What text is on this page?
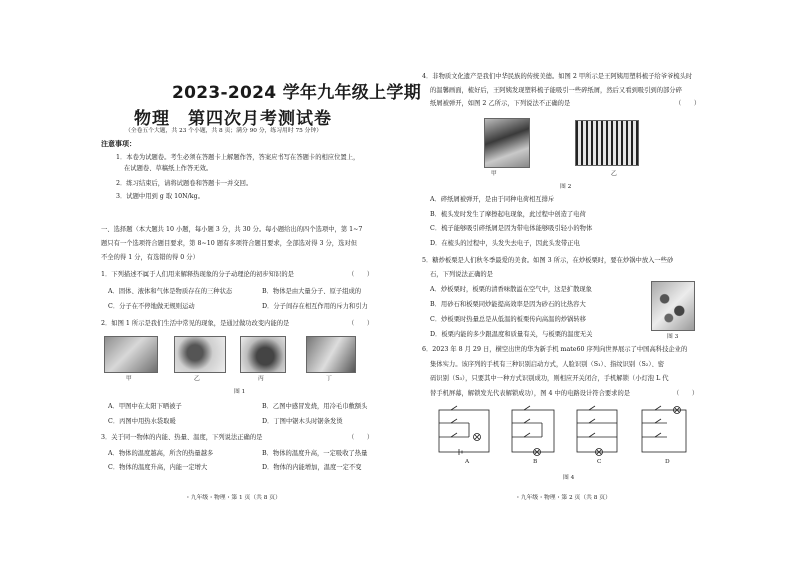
2023-2024 学年九年级上学期
物理　第四次月考测试卷
（全卷五个大题，共 23 个小题，共 8 页；满分 90 分，练习用时 75 分钟）
注意事项：
1．本卷为试题卷。考生必须在答题卡上解题作答，答案应书写在答题卡的相应位置上，
在试题卷、草稿纸上作答无效。
2．练习结束后，请将试题卷和答题卡一并交回。
3．试题中用到 g 取 10N/kg。
一、选择题（本大题共 10 小题，每小题 3 分，共 30 分。每小题给出的四个选项中，第 1~7
题只有一个选项符合题目要求，第 8~10 题有多项符合题目要求，全部选对得 3 分，选对但
不全的得 1 分，有选错的得 0 分）
1．下列描述不属于人们用来解释热现象的分子动理论的初步知识的是	（　　）
A．固体、液体和气体是物质存在的三种状态	B．物体是由大量分子、原子组成的
C．分子在不停地做无规则运动	D．分子间存在相互作用的斥力和引力
2．如图 1 所示是我们生活中常见的现象，是通过做功改变内能的是	（　　）
甲	乙	丙	丁
图 1
A．甲图中在太阳下晒被子	B．乙图中感冒发烧，用冷毛巾敷额头
C．丙图中用热水袋取暖	D．丁图中锯木头时锯条发烫
3．关于同一物体的内能、热量、温度，下列说法正确的是	（　　）
A．物体的温度越高，所含的热量越多	B．物体的温度升高，一定吸收了热量
C．物体的温度升高，内能一定增大	D．物体的内能增加，温度一定不变
・九年级・物理・第 1 页（共 8 页）
4．非物质文化遗产是我们中华民族的传统美德。如图 2 甲所示是王阿姨用塑料梳子给爷爷梳头时
的温馨画面，梳好后，王阿姨发现塑料梳子能吸引一些碎纸屑，然后又看到吸引到的部分碎
纸屑被弹开，如图 2 乙所示，下列说法不正确的是	（　　）
甲	乙
图 2
A．碎纸屑被弹开，是由于同种电荷相互排斥
B．梳头发时发生了摩擦起电现象，此过程中创造了电荷
C．梳子能够吸引碎纸屑是因为带电体能够吸引轻小的物体
D．在梳头的过程中，头发失去电子，因此头发带正电
5．糖炒板栗是人们秋冬季最爱的美食。如图 3 所示，在炒板栗时，要在炒锅中放入一些砂
石，下列说法正确的是
A．炒板栗时，板栗的清香味散溢在空气中，这是扩散现象
B．用砂石和板栗同炒能提高效率是因为砂石的比热容大
C．炒板栗时热量总是从低温的板栗传向高温的炒锅转移
D．板栗内能的多少跟温度和质量有关，与板栗的温度无关	图 3
6．2023 年 8 月 29 日，横空出世的华为新手机 mate60 序列向世界展示了中国高科技企业的
集体实力。该序列的手机有三种识别启动方式，人脸识别（S₁）、指纹识别（S₂）、密
码识别（S₃），只要其中一种方式识别成功，则相应开关闭合，手机解锁（小灯泡 L 代
替手机屏幕，解锁发光代表解锁成功），图 4 中的电路设计符合要求的是	（　　）
A	B	C	D
图 4
・九年级・物理・第 2 页（共 8 页）
